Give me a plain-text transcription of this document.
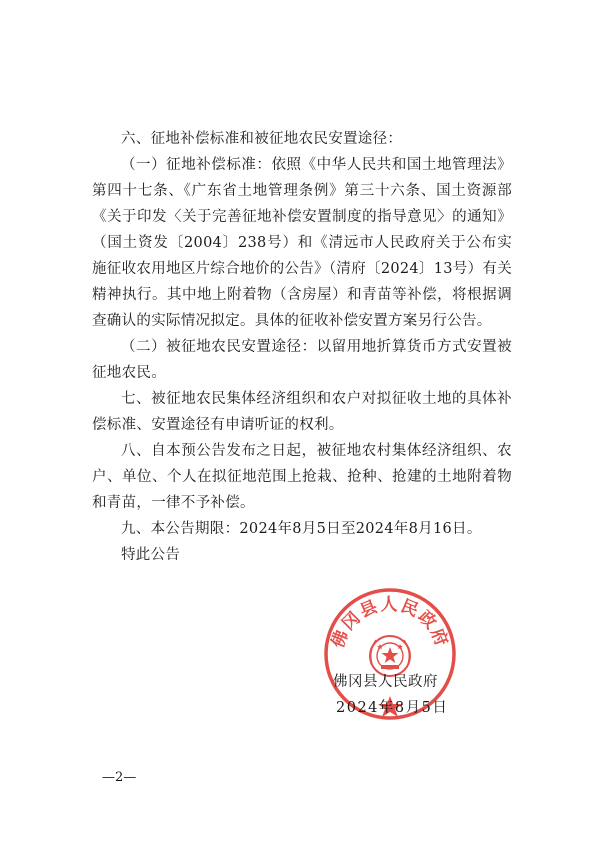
六、征地补偿标准和被征地农民安置途径：

（一）征地补偿标准：依照《中华人民共和国土地管理法》第四十七条、《广东省土地管理条例》第三十六条、国土资源部《关于印发〈关于完善征地补偿安置制度的指导意见〉的通知》（国土资发〔2004〕238号）和《清远市人民政府关于公布实施征收农用地区片综合地价的公告》（清府〔2024〕13号）有关精神执行。其中地上附着物（含房屋）和青苗等补偿，将根据调查确认的实际情况拟定。具体的征收补偿安置方案另行公告。

（二）被征地农民安置途径：以留用地折算货币方式安置被征地农民。

七、被征地农民集体经济组织和农户对拟征收土地的具体补偿标准、安置途径有申请听证的权利。

八、自本预公告发布之日起，被征地农村集体经济组织、农户、单位、个人在拟征地范围上抢栽、抢种、抢建的土地附着物和青苗，一律不予补偿。

九、本公告期限：2024年8月5日至2024年8月16日。

特此公告

佛冈县人民政府
佛冈县人民政府
2024年8月5日
—2—
